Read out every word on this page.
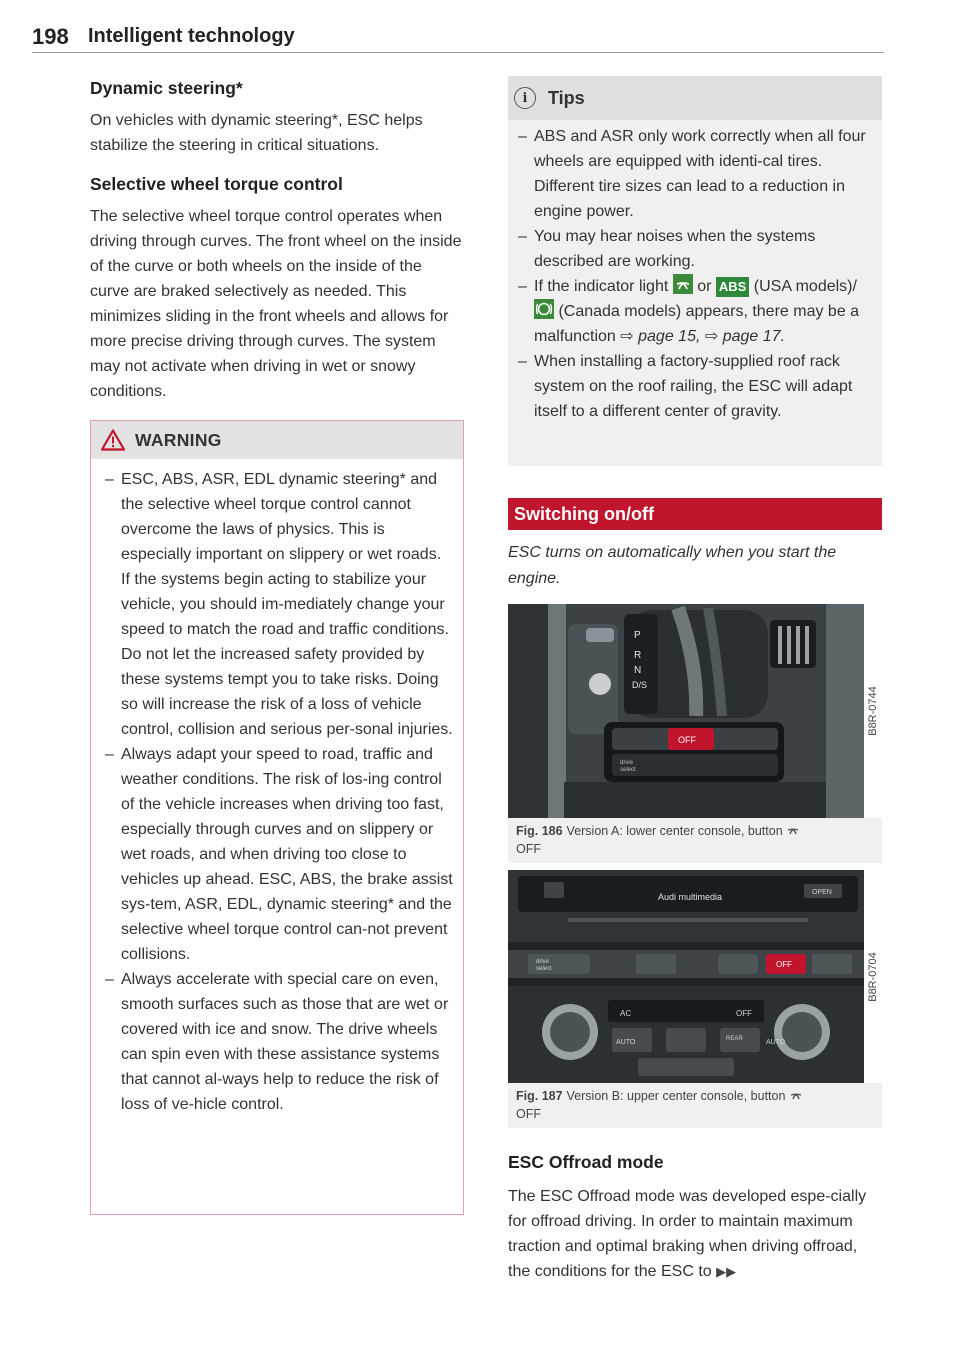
198 Intelligent technology
Dynamic steering*

On vehicles with dynamic steering*, ESC helps stabilize the steering in critical situations.

Selective wheel torque control

The selective wheel torque control operates when driving through curves. The front wheel on the inside of the curve or both wheels on the inside of the curve are braked selectively as needed. This minimizes sliding in the front wheels and allows for more precise driving through curves. The system may not activate when driving in wet or snowy conditions.

WARNING
– ESC, ABS, ASR, EDL dynamic steering* and the selective wheel torque control cannot overcome the laws of physics. This is especially important on slippery or wet roads. If the systems begin acting to stabilize your vehicle, you should im-mediately change your speed to match the road and traffic conditions. Do not let the increased safety provided by these systems tempt you to take risks. Doing so will increase the risk of a loss of vehicle control, collision and serious per-sonal injuries.
– Always adapt your speed to road, traffic and weather conditions. The risk of los-ing control of the vehicle increases when driving too fast, especially through curves and on slippery or wet roads, and when driving too close to vehicles up ahead. ESC, ABS, the brake assist sys-tem, ASR, EDL, dynamic steering* and the selective wheel torque control can-not prevent collisions.
– Always accelerate with special care on even, smooth surfaces such as those that are wet or covered with ice and snow. The drive wheels can spin even with these assistance systems that cannot al-ways help to reduce the risk of loss of ve-hicle control.
i	Tips
– ABS and ASR only work correctly when all four wheels are equipped with identi-cal tires. Different tire sizes can lead to a reduction in engine power.
– You may hear noises when the systems described are working.
– If the indicator light or ABS (USA models)/ (Canada models) appears, there may be a malfunction ⇨ page 15, ⇨ page 17.
– When installing a factory-supplied roof rack system on the roof railing, the ESC will adapt itself to a different center of gravity.
Switching on/off
ESC turns on automatically when you start the engine.
P
R
N
D/S
OFF
drive
select
B8R-0744
Fig. 186 Version A: lower center console, button
OFF
Audi multimedia	OPEN
drive
select	OFF
AC	OFF
AUTO	REAR	AUTO
B8R-0704
Fig. 187 Version B: upper center console, button
OFF
ESC Offroad mode

The ESC Offroad mode was developed espe-cially for offroad driving. In order to maintain maximum traction and optimal braking when driving offroad, the conditions for the ESC to ▶▶
